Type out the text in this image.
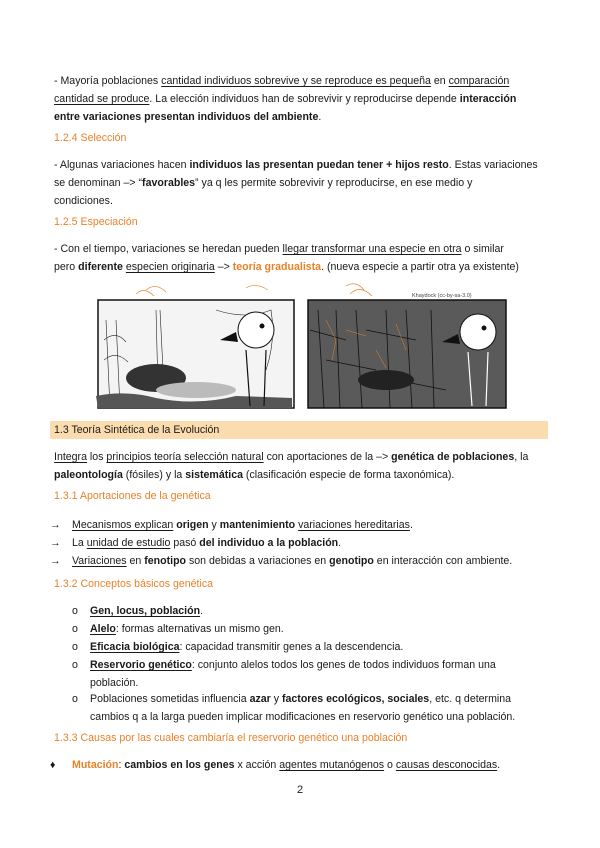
- Mayoría poblaciones cantidad individuos sobrevive y se reproduce es pequeña en comparación
cantidad se produce. La elección individuos han de sobrevivir y reproducirse depende interacción
entre variaciones presentan individuos del ambiente.
1.2.4 Selección
- Algunas variaciones hacen individuos las presentan puedan tener + hijos resto. Estas variaciones
se denominan –> “favorables” ya q les permite sobrevivir y reproducirse, en ese medio y
condiciones.
1.2.5 Especiación
- Con el tiempo, variaciones se heredan pueden llegar transformar una especie en otra o similar
pero diferente especien originaria –> teoría gradualista. (nueva especie a partir otra ya existente)
Khaydock (cc-by-sa-3.0)
1.3 Teoría Sintética de la Evolución
Integra los principios teoría selección natural con aportaciones de la –> genética de poblaciones, la
paleontología (fósiles) y la sistemática (clasificación especie de forma taxonómica).
1.3.1 Aportaciones de la genética
→ Mecanismos explican origen y mantenimiento variaciones hereditarias.
→ La unidad de estudio pasó del individuo a la población.
→ Variaciones en fenotipo son debidas a variaciones en genotipo en interacción con ambiente.
1.3.2 Conceptos básicos genética
o Gen, locus, población.
o Alelo: formas alternativas un mismo gen.
o Eficacia biológica: capacidad transmitir genes a la descendencia.
o Reservorio genético: conjunto alelos todos los genes de todos individuos forman una
población.
o Poblaciones sometidas influencia azar y factores ecológicos, sociales, etc. q determina
cambios q a la larga pueden implicar modificaciones en reservorio genético una población.
1.3.3 Causas por las cuales cambiaría el reservorio genético una población
♦ Mutación: cambios en los genes x acción agentes mutanógenos o causas desconocidas.
2
